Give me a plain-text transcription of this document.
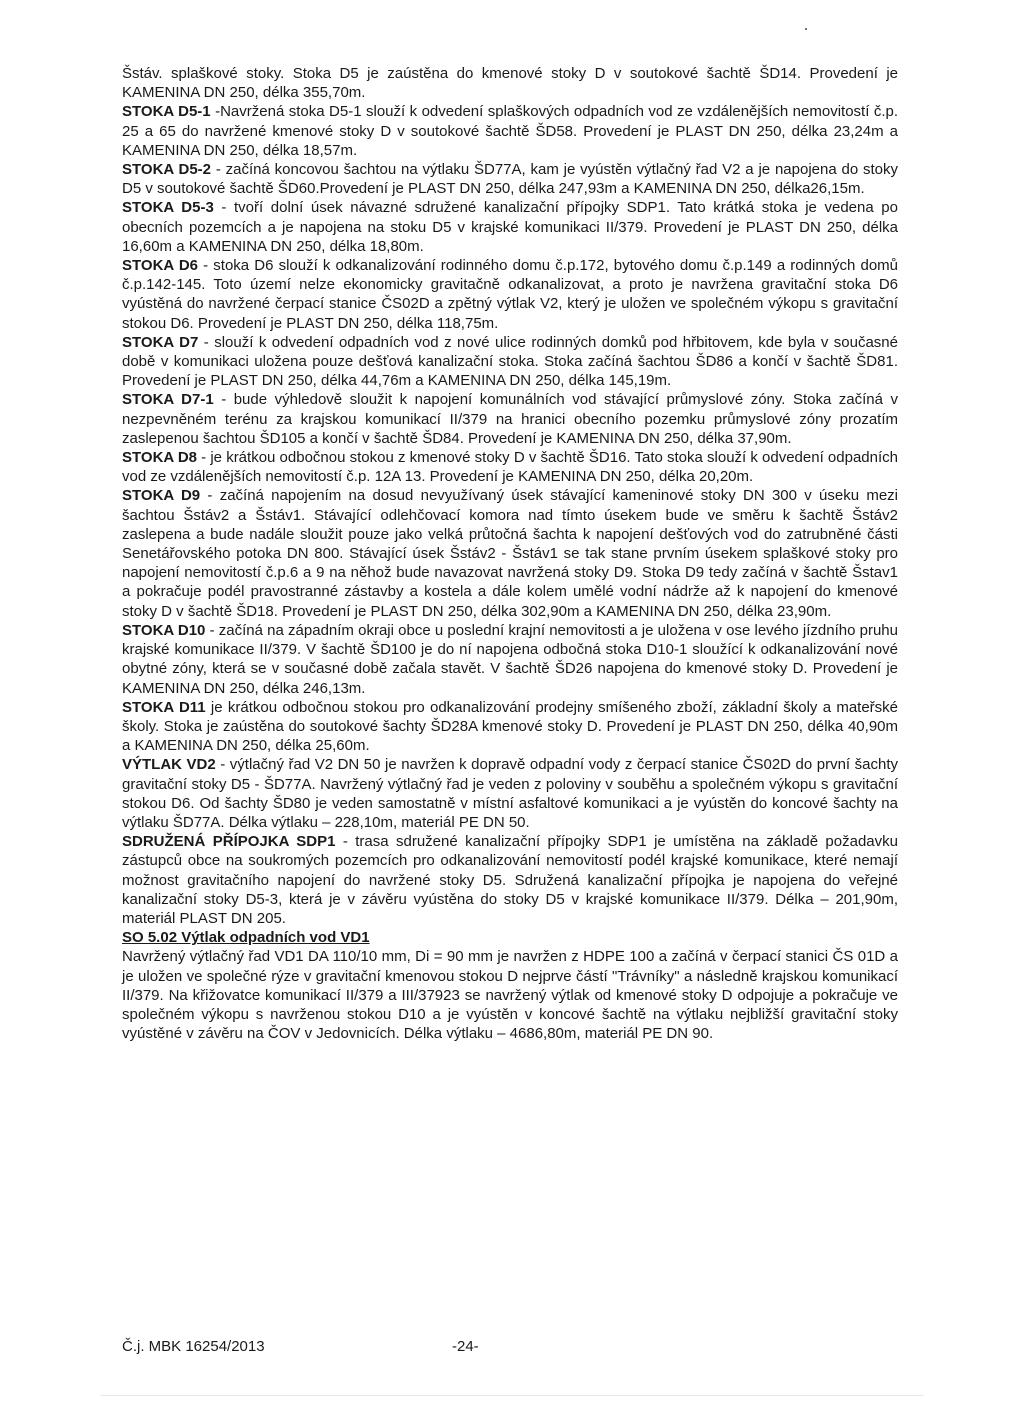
Šstáv. splaškové stoky. Stoka D5 je zaústěna do kmenové stoky D v soutokové šachtě ŠD14. Provedení je KAMENINA DN 250, délka 355,70m.

STOKA D5-1 -Navržená stoka D5-1 slouží k odvedení splaškových odpadních vod ze vzdálenějších nemovitostí č.p. 25 a 65 do navržené kmenové stoky D v soutokové šachtě ŠD58. Provedení je PLAST DN 250, délka 23,24m a KAMENINA DN 250, délka 18,57m.

STOKA D5-2 - začíná koncovou šachtou na výtlaku ŠD77A, kam je vyústěn výtlačný řad V2 a je napojena do stoky D5 v soutokové šachtě ŠD60.Provedení je PLAST DN 250, délka 247,93m a KAMENINA DN 250, délka26,15m.

STOKA D5-3 - tvoří dolní úsek návazné sdružené kanalizační přípojky SDP1. Tato krátká stoka je vedena po obecních pozemcích a je napojena na stoku D5 v krajské komunikaci II/379. Provedení je PLAST DN 250, délka 16,60m a KAMENINA DN 250, délka 18,80m.

STOKA D6 - stoka D6 slouží k odkanalizování rodinného domu č.p.172, bytového domu č.p.149 a rodinných domů č.p.142-145. Toto území nelze ekonomicky gravitačně odkanalizovat, a proto je navržena gravitační stoka D6 vyústěná do navržené čerpací stanice ČS02D a zpětný výtlak V2, který je uložen ve společném výkopu s gravitační stokou D6. Provedení je PLAST DN 250, délka 118,75m.

STOKA D7 - slouží k odvedení odpadních vod z nové ulice rodinných domků pod hřbitovem, kde byla v současné době v komunikaci uložena pouze dešťová kanalizační stoka. Stoka začíná šachtou ŠD86 a končí v šachtě ŠD81. Provedení je PLAST DN 250, délka 44,76m a KAMENINA DN 250, délka 145,19m.

STOKA D7-1 - bude výhledově sloužit k napojení komunálních vod stávající průmyslové zóny. Stoka začíná v nezpevněném terénu za krajskou komunikací II/379 na hranici obecního pozemku průmyslové zóny prozatím zaslepenou šachtou ŠD105 a končí v šachtě ŠD84. Provedení je KAMENINA DN 250, délka 37,90m.

STOKA D8 - je krátkou odbočnou stokou z kmenové stoky D v šachtě ŠD16. Tato stoka slouží k odvedení odpadních vod ze vzdálenějších nemovitostí č.p. 12A 13. Provedení je KAMENINA DN 250, délka 20,20m.

STOKA D9 - začíná napojením na dosud nevyužívaný úsek stávající kameninové stoky DN 300 v úseku mezi šachtou Šstáv2 a Šstáv1. Stávající odlehčovací komora nad tímto úsekem bude ve směru k šachtě Šstáv2 zaslepena a bude nadále sloužit pouze jako velká průtočná šachta k napojení dešťových vod do zatrubněné části Senetářovského potoka DN 800. Stávající úsek Šstáv2 - Šstáv1 se tak stane prvním úsekem splaškové stoky pro napojení nemovitostí č.p.6 a 9 na něhož bude navazovat navržená stoky D9. Stoka D9 tedy začíná v šachtě Šstav1 a pokračuje podél pravostranné zástavby a kostela a dále kolem umělé vodní nádrže až k napojení do kmenové stoky D v šachtě ŠD18. Provedení je PLAST DN 250, délka 302,90m a KAMENINA DN 250, délka 23,90m.

STOKA D10 - začíná na západním okraji obce u poslední krajní nemovitosti a je uložena v ose levého jízdního pruhu krajské komunikace II/379. V šachtě ŠD100 je do ní napojena odbočná stoka D10-1 sloužící k odkanalizování nové obytné zóny, která se v současné době začala stavět. V šachtě ŠD26 napojena do kmenové stoky D. Provedení je KAMENINA DN 250, délka 246,13m.

STOKA D11 je krátkou odbočnou stokou pro odkanalizování prodejny smíšeného zboží, základní školy a mateřské školy. Stoka je zaústěna do soutokové šachty ŠD28A kmenové stoky D. Provedení je PLAST DN 250, délka 40,90m a KAMENINA DN 250, délka 25,60m.

VÝTLAK VD2 - výtlačný řad V2 DN 50 je navržen k dopravě odpadní vody z čerpací stanice ČS02D do první šachty gravitační stoky D5 - ŠD77A. Navržený výtlačný řad je veden z poloviny v souběhu a společném výkopu s gravitační stokou D6. Od šachty ŠD80 je veden samostatně v místní asfaltové komunikaci a je vyústěn do koncové šachty na výtlaku ŠD77A. Délka výtlaku – 228,10m, materiál PE DN 50.

SDRUŽENÁ PŘÍPOJKA SDP1 - trasa sdružené kanalizační přípojky SDP1 je umístěna na základě požadavku zástupců obce na soukromých pozemcích pro odkanalizování nemovitostí podél krajské komunikace, které nemají možnost gravitačního napojení do navržené stoky D5. Sdružená kanalizační přípojka je napojena do veřejné kanalizační stoky D5-3, která je v závěru vyústěna do stoky D5 v krajské komunikace II/379. Délka – 201,90m, materiál PLAST DN 205.

SO 5.02 Výtlak odpadních vod VD1

Navržený výtlačný řad VD1 DA 110/10 mm, Di = 90 mm je navržen z HDPE 100 a začíná v čerpací stanici ČS 01D a je uložen ve společné rýze v gravitační kmenovou stokou D nejprve částí "Trávníky" a následně krajskou komunikací II/379. Na křižovatce komunikací II/379 a III/37923 se navržený výtlak od kmenové stoky D odpojuje a pokračuje ve společném výkopu s navrženou stokou D10 a je vyústěn v koncové šachtě na výtlaku nejbližší gravitační stoky vyústěné v závěru na ČOV v Jedovnicích. Délka výtlaku – 4686,80m, materiál PE DN 90.

Č.j. MBK 16254/2013	-24-
